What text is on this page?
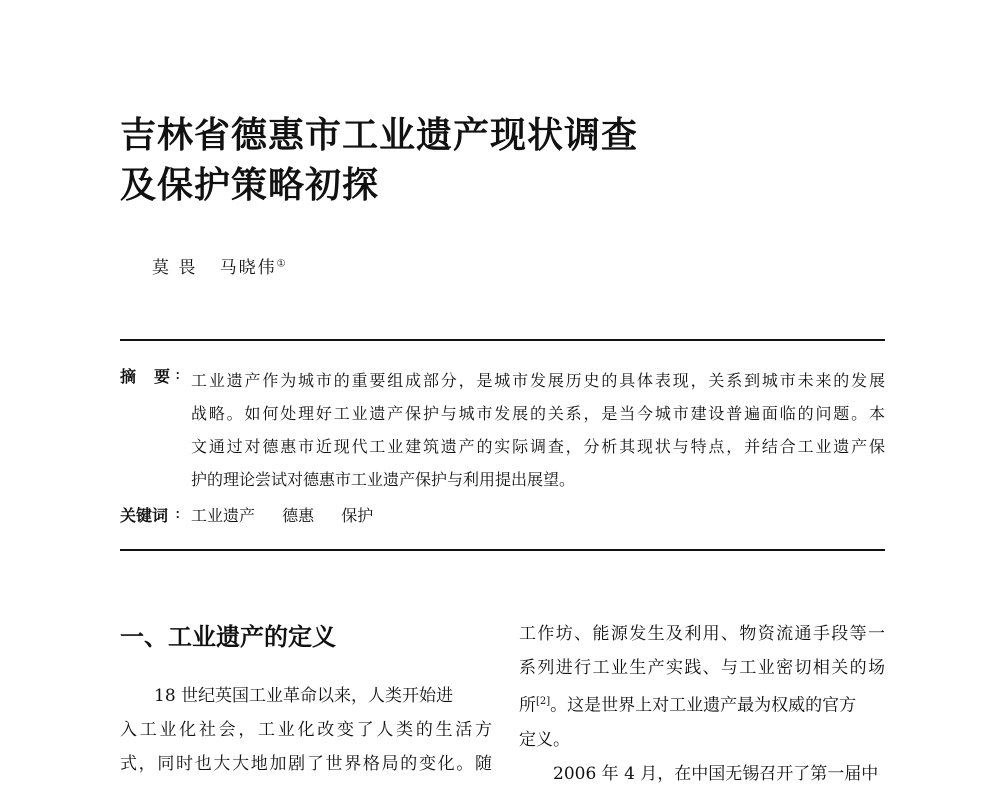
吉林省德惠市工业遗产现状调查
及保护策略初探
莫 畏   马晓伟①
摘 要 : 工业遗产作为城市的重要组成部分，是城市发展历史的具体表现，关系到城市未来的发展
战略。如何处理好工业遗产保护与城市发展的关系，是当今城市建设普遍面临的问题。本
文通过对德惠市近现代工业建筑遗产的实际调查，分析其现状与特点，并结合工业遗产保
护的理论尝试对德惠市工业遗产保护与利用提出展望。
关键词 : 工业遗产 德惠 保护
一、工业遗产的定义
18 世纪英国工业革命以来，人类开始进
入工业化社会，工业化改变了人类的生活方
式，同时也大大地加剧了世界格局的变化。随
工作坊、能源发生及利用、物资流通手段等一
系列进行工业生产实践、与工业密切相关的场
所[2]。这是世界上对工业遗产最为权威的官方
定义。
2006 年 4 月，在中国无锡召开了第一届中
